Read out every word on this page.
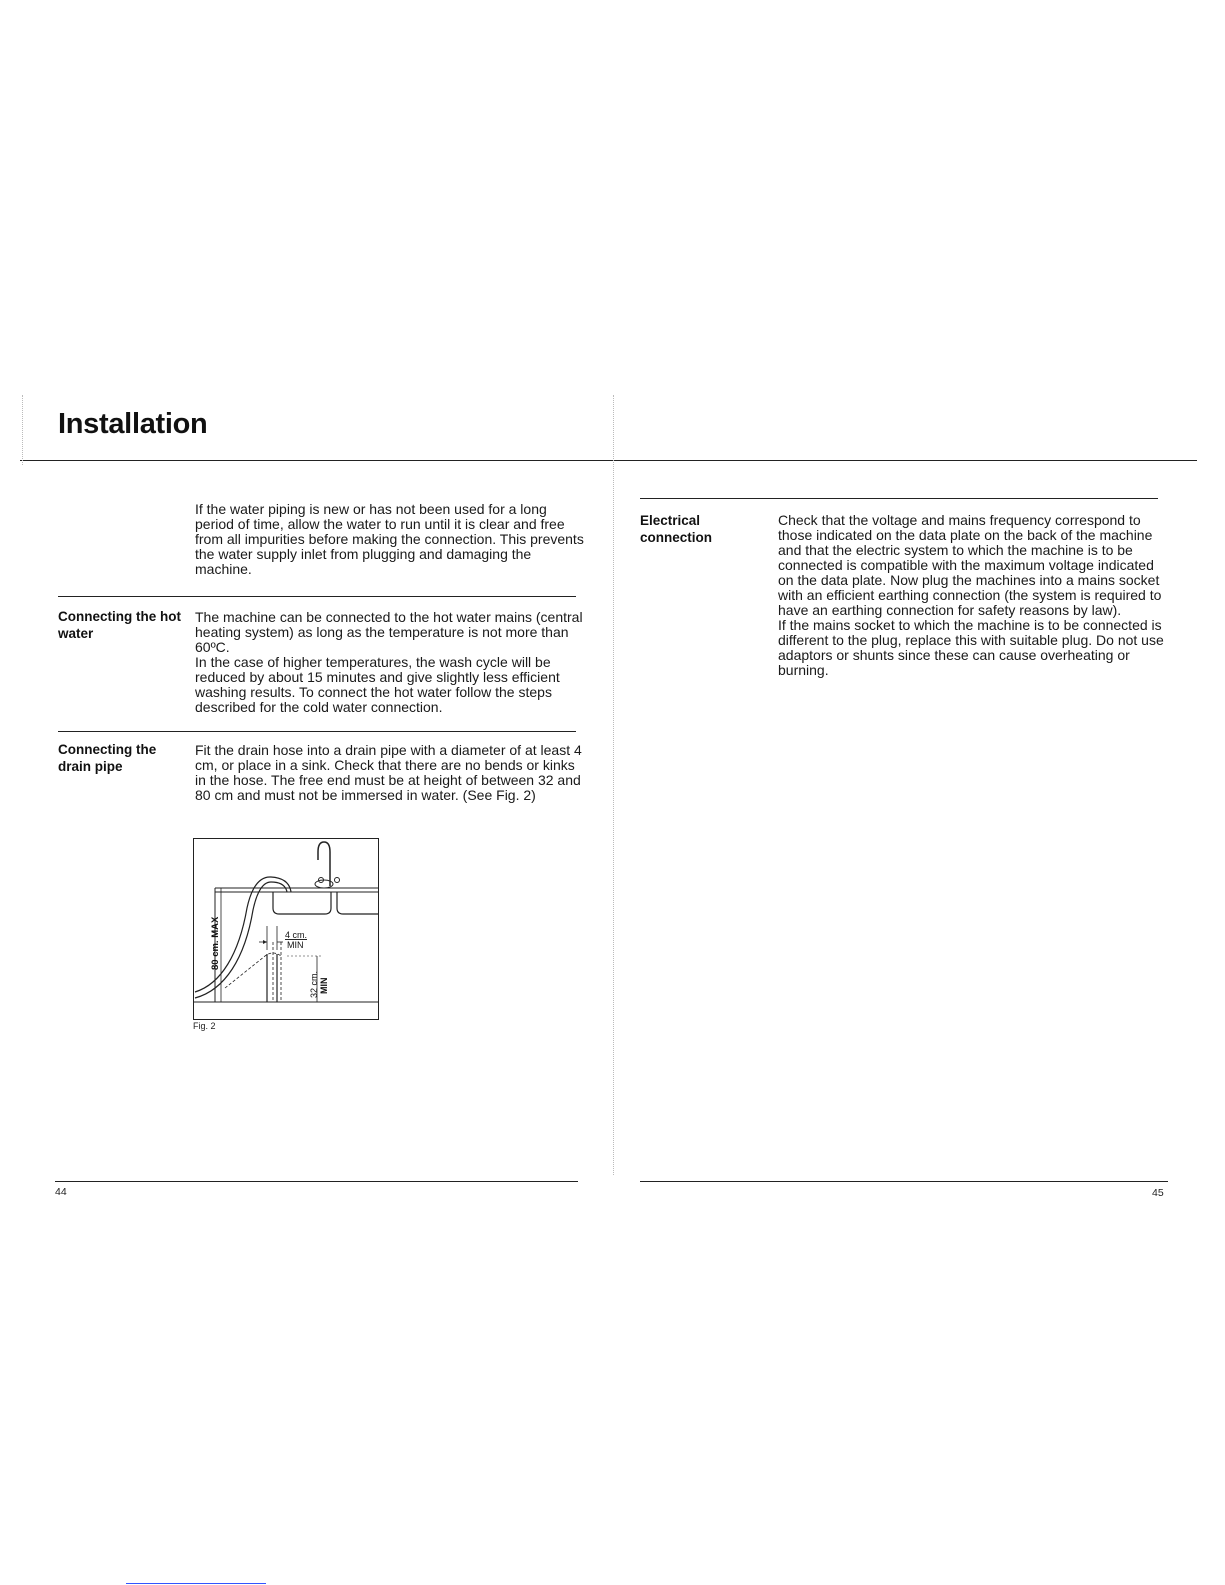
Installation

If the water piping is new or has not been used for a long period of time, allow the water to run until it is clear and free from all impurities before making the connection. This prevents the water supply inlet from plugging and damaging the machine.

Connecting the hot water

The machine can be connected to the hot water mains (central heating system) as long as the temperature is not more than 60ºC.

In the case of higher temperatures, the wash cycle will be reduced by about 15 minutes and give slightly less efficient washing results. To connect the hot water follow the steps described for the cold water connection.

Connecting the drain pipe

Fit the drain hose into a drain pipe with a diameter of at least 4 cm, or place in a sink. Check that there are no bends or kinks in the hose. The free end must be at height of between 32 and 80 cm and must not be immersed in water. (See Fig. 2)

80 cm. MAX	4 cm.
MIN
32 cm. MIN
Fig. 2
44
Electrical connection

Check that the voltage and mains frequency correspond to those indicated on the data plate on the back of the machine and that the electric system to which the machine is to be connected is compatible with the maximum voltage indicated on the data plate. Now plug the machines into a mains socket with an efficient earthing connection (the system is required to have an earthing connection for safety reasons by law).

If the mains socket to which the machine is to be connected is different to the plug, replace this with suitable plug. Do not use adaptors or shunts since these can cause overheating or burning.

45
